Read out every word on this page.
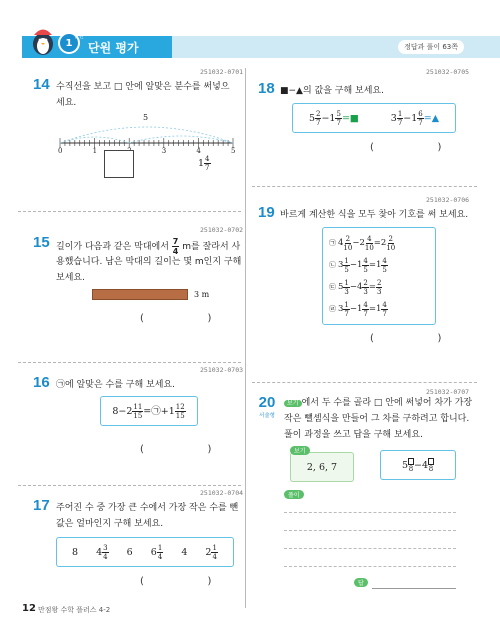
1
단원
단원 평가	정답과 풀이 63쪽
251032-0701
14 수직선을 보고 □ 안에 알맞은 분수를 써넣으
세요.
5
0	1	3	4	5
$1 \frac{4}{7}$
251032-0702
15 길이가 다음과 같은 막대에서 $\frac{7}{4}$ m를 잘라서 사
용했습니다. 남은 막대의 길이는 몇 m인지 구해
보세요.
3 m
(                    )
251032-0703
16 ㉠에 알맞은 수를 구해 보세요.
$8-2 \frac{11}{15}$ =㉠+1 $\frac{12}{15}$
(                    )
251032-0704
17 주어진 수 중 가장 큰 수에서 가장 작은 수를 뺀
값은 얼마인지 구해 보세요.
8 $4 \frac{3}{4} 6$ $6 \frac{1}{4} 4$ $2 \frac{1}{4}$
(                    )
12 만점왕 수학 플러스 4-2
251032-0705
18 ■−▲의 값을 구해 보세요.
$5 \frac{2}{7} -1 \frac{5}{7}$ =■	$3 \frac{1}{7} -1 \frac{6}{7}$ =▲
(                    )
251032-0706
19 바르게 계산한 식을 모두 찾아 기호를 써 보세요.
㉠ 4 2
10 −2 4
10 =2 2
10
㉡ 3 1
5 −1 4
5 =1 4
5
㉢ 5 1
3 −4 2
3 = 2
3
㉣ 3 1
7 −1 4
7 =1 4
7
(                    )
251032-0707
20
서술형
보기 에서 두 수를 골라 □ 안에 써넣어 차가 가장
작은 뺄셈식을 만들어 그 차를 구하려고 합니다.
풀이 과정을 쓰고 답을 구해 보세요.
2, 6, 7
보기
5 8 −4 8
풀이
답
